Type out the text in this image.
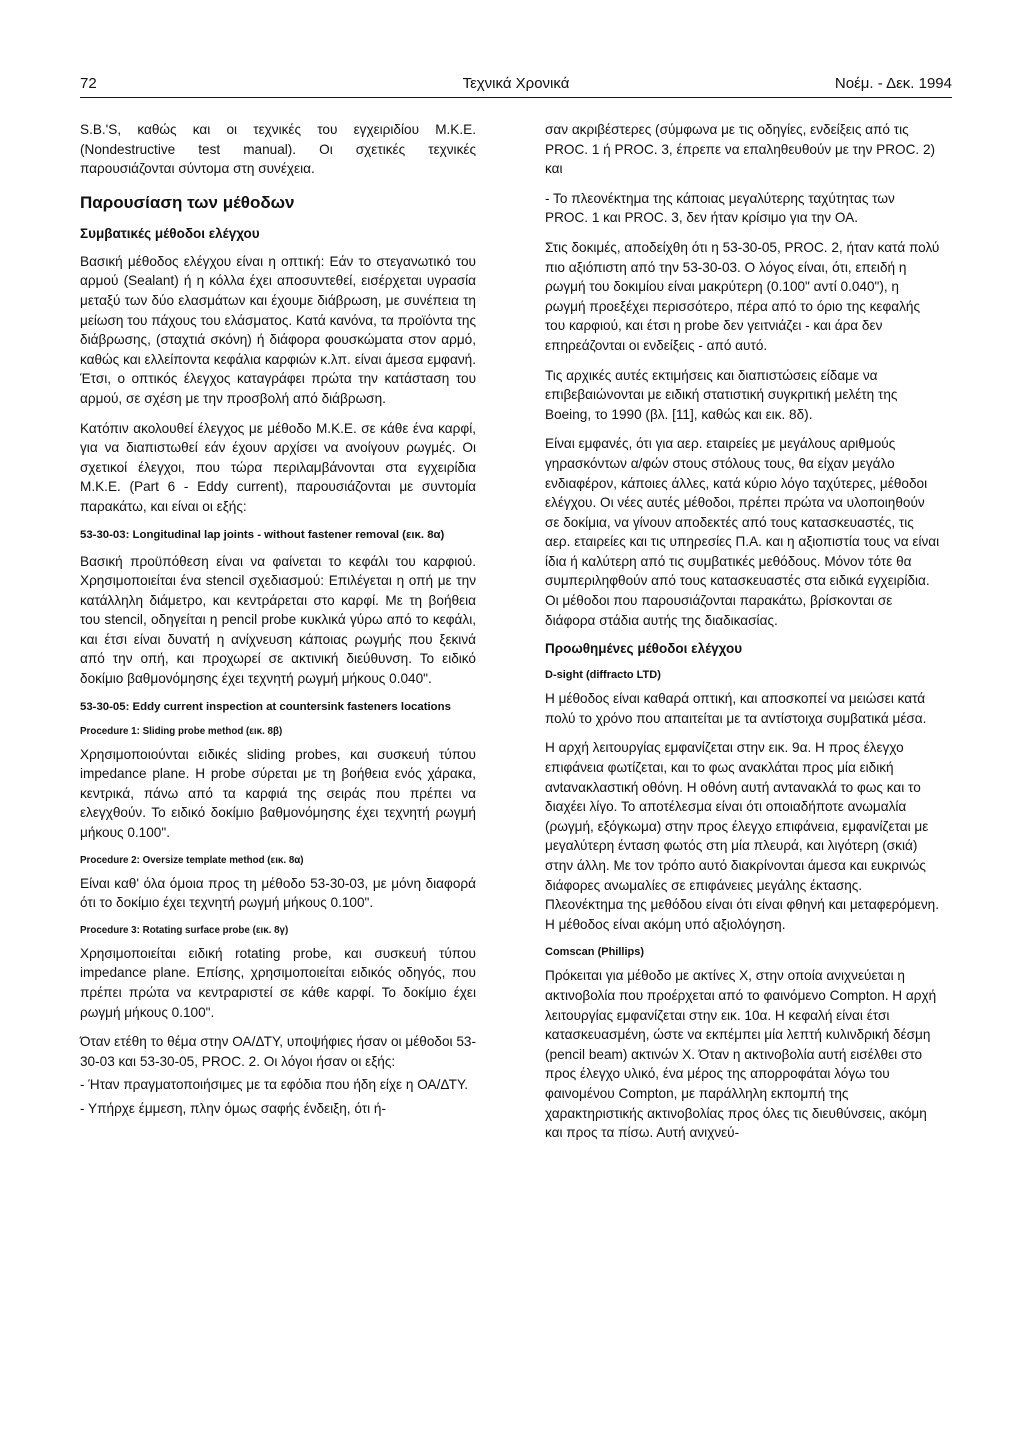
72	Τεχνικά Χρονικά	Νοέμ. - Δεκ. 1994

S.B.'S, καθώς και οι τεχνικές του εγχειριδίου M.K.E. (Nondestructive test manual). Οι σχετικές τεχνικές παρουσιάζονται σύντομα στη συνέχεια.

Παρουσίαση των μέθοδων
Συμβατικές μέθοδοι ελέγχου

Βασική μέθοδος ελέγχου είναι η οπτική: Εάν το στεγανωτικό του αρμού (Sealant) ή η κόλλα έχει αποσυντεθεί, εισέρχεται υγρασία μεταξύ των δύο ελασμάτων και έχουμε διάβρωση, με συνέπεια τη μείωση του πάχους του ελάσματος. Κατά κανόνα, τα προϊόντα της διάβρωσης, (σταχτιά σκόνη) ή διάφορα φουσκώματα στον αρμό, καθώς και ελλείποντα κεφάλια καρφιών κ.λπ. είναι άμεσα εμφανή. Έτσι, ο οπτικός έλεγχος καταγράφει πρώτα την κατάσταση του αρμού, σε σχέση με την προσβολή από διάβρωση.

Κατόπιν ακολουθεί έλεγχος με μέθοδο M.K.E. σε κάθε ένα καρφί, για να διαπιστωθεί εάν έχουν αρχίσει να ανοίγουν ρωγμές. Οι σχετικοί έλεγχοι, που τώρα περιλαμβάνονται στα εγχειρίδια M.K.E. (Part 6 - Eddy current), παρουσιάζονται με συντομία παρακάτω, και είναι οι εξής:

53-30-03: Longitudinal lap joints - without fastener removal (εικ. 8α)

Βασική προϋπόθεση είναι να φαίνεται το κεφάλι του καρφιού. Χρησιμοποιείται ένα stencil σχεδιασμού: Επιλέγεται η οπή με την κατάλληλη διάμετρο, και κεντράρεται στο καρφί. Με τη βοήθεια του stencil, οδηγείται η pencil probe κυκλικά γύρω από το κεφάλι, και έτσι είναι δυνατή η ανίχνευση κάποιας ρωγμής που ξεκινά από την οπή, και προχωρεί σε ακτινική διεύθυνση. Το ειδικό δοκίμιο βαθμονόμησης έχει τεχνητή ρωγμή μήκους 0.040".

53-30-05: Eddy current inspection at countersink fasteners locations
Procedure 1: Sliding probe method (εικ. 8β)

Χρησιμοποιούνται ειδικές sliding probes, και συσκευή τύπου impedance plane. Η probe σύρεται με τη βοήθεια ενός χάρακα, κεντρικά, πάνω από τα καρφιά της σειράς που πρέπει να ελεγχθούν. Το ειδικό δοκίμιο βαθμονόμησης έχει τεχνητή ρωγμή μήκους 0.100".

Procedure 2: Oversize template method (εικ. 8α)

Είναι καθ' όλα όμοια προς τη μέθοδο 53-30-03, με μόνη διαφορά ότι το δοκίμιο έχει τεχνητή ρωγμή μήκους 0.100".

Procedure 3: Rotating surface probe (εικ. 8γ)

Χρησιμοποιείται ειδική rotating probe, και συσκευή τύπου impedance plane. Επίσης, χρησιμοποιείται ειδικός οδηγός, που πρέπει πρώτα να κεντραριστεί σε κάθε καρφί. Το δοκίμιο έχει ρωγμή μήκους 0.100".

Όταν ετέθη το θέμα στην ΟΑ/ΔΤΥ, υποψήφιες ήσαν οι μέθοδοι 53-30-03 και 53-30-05, PROC. 2. Οι λόγοι ήσαν οι εξής:

- Ήταν πραγματοποιήσιμες με τα εφόδια που ήδη είχε η ΟΑ/ΔΤΥ.

- Υπήρχε έμμεση, πλην όμως σαφής ένδειξη, ότι ή-

σαν ακριβέστερες (σύμφωνα με τις οδηγίες, ενδείξεις από τις PROC. 1 ή PROC. 3, έπρεπε να επαληθευθούν με την PROC. 2) και

- Το πλεονέκτημα της κάποιας μεγαλύτερης ταχύτητας των PROC. 1 και PROC. 3, δεν ήταν κρίσιμο για την ΟΑ.

Στις δοκιμές, αποδείχθη ότι η 53-30-05, PROC. 2, ήταν κατά πολύ πιο αξιόπιστη από την 53-30-03. Ο λόγος είναι, ότι, επειδή η ρωγμή του δοκιμίου είναι μακρύτερη (0.100" αντί 0.040"), η ρωγμή προεξέχει περισσότερο, πέρα από το όριο της κεφαλής του καρφιού, και έτσι η probe δεν γειτνιάζει - και άρα δεν επηρεάζονται οι ενδείξεις - από αυτό.

Τις αρχικές αυτές εκτιμήσεις και διαπιστώσεις είδαμε να επιβεβαιώνονται με ειδική στατιστική συγκριτική μελέτη της Boeing, το 1990 (βλ. [11], καθώς και εικ. 8δ).

Είναι εμφανές, ότι για αερ. εταιρείες με μεγάλους αριθμούς γηρασκόντων α/φών στους στόλους τους, θα είχαν μεγάλο ενδιαφέρον, κάποιες άλλες, κατά κύριο λόγο ταχύτερες, μέθοδοι ελέγχου. Οι νέες αυτές μέθοδοι, πρέπει πρώτα να υλοποιηθούν σε δοκίμια, να γίνουν αποδεκτές από τους κατασκευαστές, τις αερ. εταιρείες και τις υπηρεσίες Π.Α. και η αξιοπιστία τους να είναι ίδια ή καλύτερη από τις συμβατικές μεθόδους. Μόνον τότε θα συμπεριληφθούν από τους κατασκευαστές στα ειδικά εγχειρίδια. Οι μέθοδοι που παρουσιάζονται παρακάτω, βρίσκονται σε διάφορα στάδια αυτής της διαδικασίας.

Προωθημένες μέθοδοι ελέγχου
D-sight (diffracto LTD)

Η μέθοδος είναι καθαρά οπτική, και αποσκοπεί να μειώσει κατά πολύ το χρόνο που απαιτείται με τα αντίστοιχα συμβατικά μέσα.

Η αρχή λειτουργίας εμφανίζεται στην εικ. 9α. Η προς έλεγχο επιφάνεια φωτίζεται, και το φως ανακλάται προς μία ειδική ανtανακλαστική οθόνη. Η οθόνη αυτή αντανακλά το φως και το διαχέει λίγο. Το αποτέλεσμα είναι ότι οποιαδήποτε ανωμαλία (ρωγμή, εξόγκωμα) στην προς έλεγχο επιφάνεια, εμφανίζεται με μεγαλύτερη ένταση φωτός στη μία πλευρά, και λιγότερη (σκιά) στην άλλη. Με τον τρόπο αυτό διακρίνονται άμεσα και ευκρινώς διάφορες ανωμαλίες σε επιφάνειες μεγάλης έκτασης. Πλεονέκτημα της μεθόδου είναι ότι είναι φθηνή και μεταφερόμενη. Η μέθοδος είναι ακόμη υπό αξιολόγηση.

Comscan (Phillips)

Πρόκειται για μέθοδο με ακτίνες X, στην οποία ανιχνεύεται η ακτινοβολία που προέρχεται από το φαινόμενο Compton. Η αρχή λειτουργίας εμφανίζεται στην εικ. 10α. Η κεφαλή είναι έτσι κατασκευασμένη, ώστε να εκπέμπει μία λεπτή κυλινδρική δέσμη (pencil beam) ακτινών X. Όταν η ακτινοβολία αυτή εισέλθει στο προς έλεγχο υλικό, ένα μέρος της απορροφάται λόγω του φαινομένου Compton, με παράλληλη εκπομπή της χαρακτηριστικής ακτινοβολίας προς όλες τις διευθύνσεις, ακόμη και προς τα πίσω. Αυτή ανιχνεύ-
